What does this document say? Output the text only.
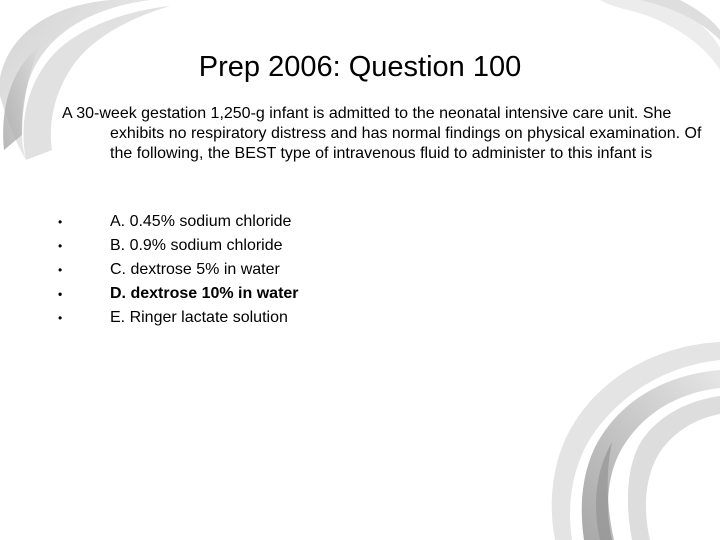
Prep 2006: Question 100

A 30-week gestation 1,250-g infant is admitted to the neonatal intensive care unit. She exhibits no respiratory distress and has normal findings on physical examination. Of the following, the BEST type of intravenous fluid to administer to this infant is

•	A. 0.45% sodium chloride
•	B. 0.9% sodium chloride
•	C. dextrose 5% in water
•	D. dextrose 10% in water
•	E. Ringer lactate solution
